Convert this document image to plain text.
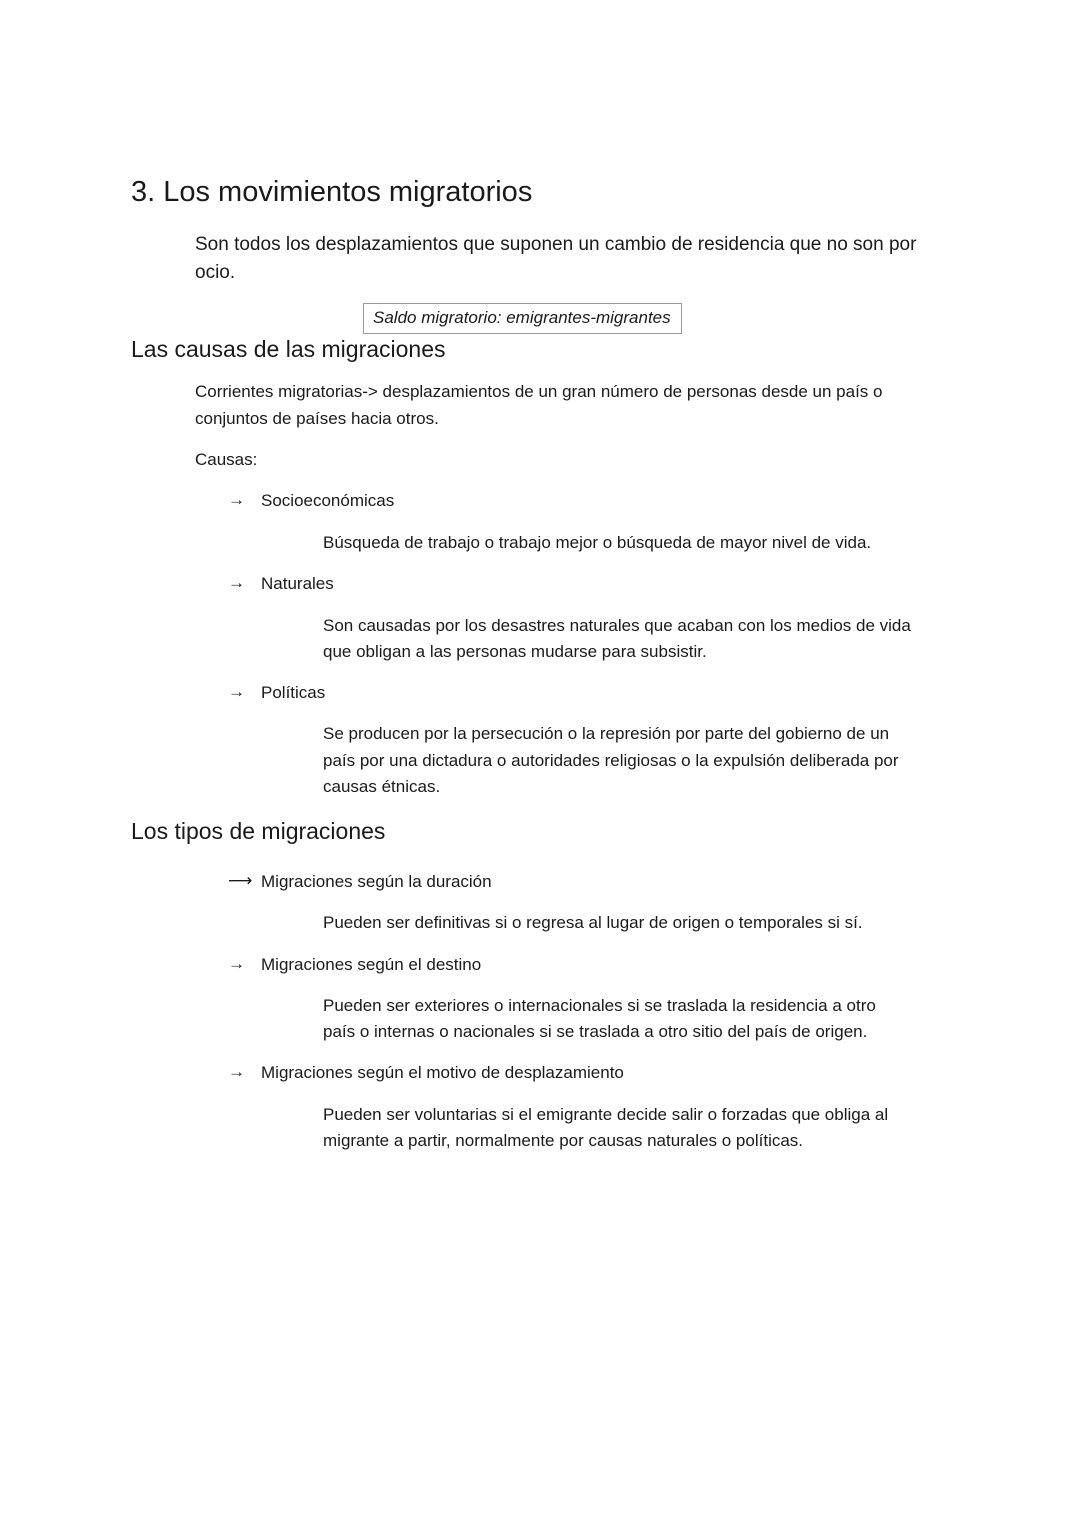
3. Los movimientos migratorios
Son todos los desplazamientos que suponen un cambio de residencia que no son por
ocio.
Saldo migratorio: emigrantes-migrantes
Las causas de las migraciones
Corrientes migratorias-> desplazamientos de un gran número de personas desde un país o
conjuntos de países hacia otros.
Causas:
→ Socioeconómicas
Búsqueda de trabajo o trabajo mejor o búsqueda de mayor nivel de vida.
→ Naturales
Son causadas por los desastres naturales que acaban con los medios de vida
que obligan a las personas mudarse para subsistir.
→ Políticas
Se producen por la persecución o la represión por parte del gobierno de un
país por una dictadura o autoridades religiosas o la expulsión deliberada por
causas étnicas.
Los tipos de migraciones
⟶ Migraciones según la duración
Pueden ser definitivas si o regresa al lugar de origen o temporales si sí.
→ Migraciones según el destino
Pueden ser exteriores o internacionales si se traslada la residencia a otro
país o internas o nacionales si se traslada a otro sitio del país de origen.
→ Migraciones según el motivo de desplazamiento
Pueden ser voluntarias si el emigrante decide salir o forzadas que obliga al
migrante a partir, normalmente por causas naturales o políticas.
